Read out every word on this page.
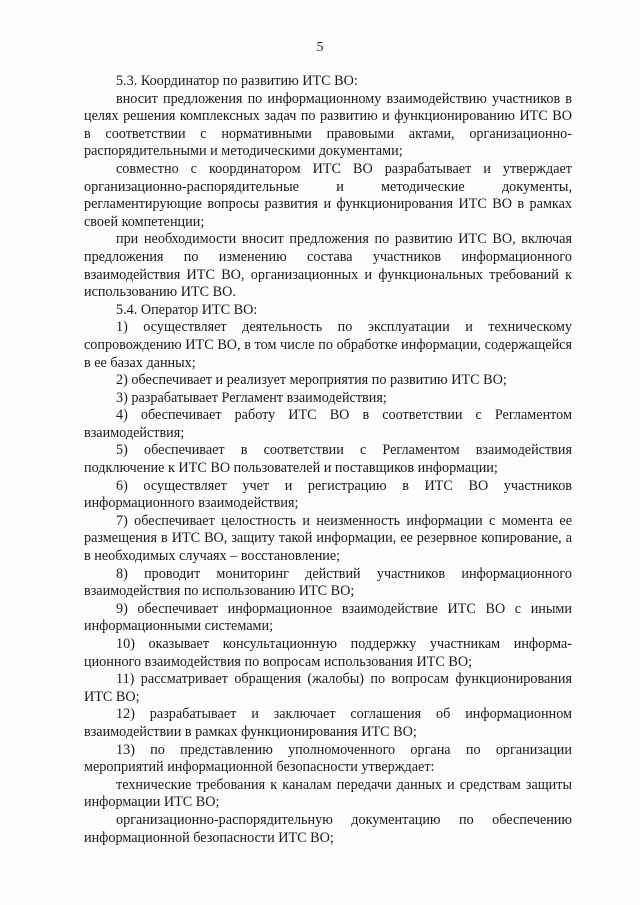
5

5.3. Координатор по развитию ИТС ВО:

вносит предложения по информационному взаимодействию участников в целях решения комплексных задач по развитию и функционированию ИТС ВО в соответствии с нормативными правовыми актами, организационно-распорядительными и методическими документами;

совместно с координатором ИТС ВО разрабатывает и утверждает организационно-распорядительные и методические документы, регламентирующие вопросы развития и функционирования ИТС ВО в рамках своей компетенции;

при необходимости вносит предложения по развитию ИТС ВО, включая предложения по изменению состава участников информационного взаимодействия ИТС ВО, организационных и функциональных требований к использованию ИТС ВО.

5.4. Оператор ИТС ВО:

1) осуществляет деятельность по эксплуатации и техническому сопровождению ИТС ВО, в том числе по обработке информации, содержащейся в ее базах данных;

2) обеспечивает и реализует мероприятия по развитию ИТС ВО;

3) разрабатывает Регламент взаимодействия;

4) обеспечивает работу ИТС ВО в соответствии с Регламентом взаимодействия;

5) обеспечивает в соответствии с Регламентом взаимодействия подключение к ИТС ВО пользователей и поставщиков информации;

6) осуществляет учет и регистрацию в ИТС ВО участников информационного взаимодействия;

7) обеспечивает целостность и неизменность информации с момента ее размещения в ИТС ВО, защиту такой информации, ее резервное копирование, а в необходимых случаях – восстановление;

8) проводит мониторинг действий участников информационного взаимодействия по использованию ИТС ВО;

9) обеспечивает информационное взаимодействие ИТС ВО с иными информационными системами;

10) оказывает консультационную поддержку участникам информационного взаимодействия по вопросам использования ИТС ВО;

11) рассматривает обращения (жалобы) по вопросам функционирования ИТС ВО;

12) разрабатывает и заключает соглашения об информационном взаимодействии в рамках функционирования ИТС ВО;

13) по представлению уполномоченного органа по организации мероприятий информационной безопасности утверждает:

технические требования к каналам передачи данных и средствам защиты информации ИТС ВО;

организационно-распорядительную документацию по обеспечению информационной безопасности ИТС ВО;
